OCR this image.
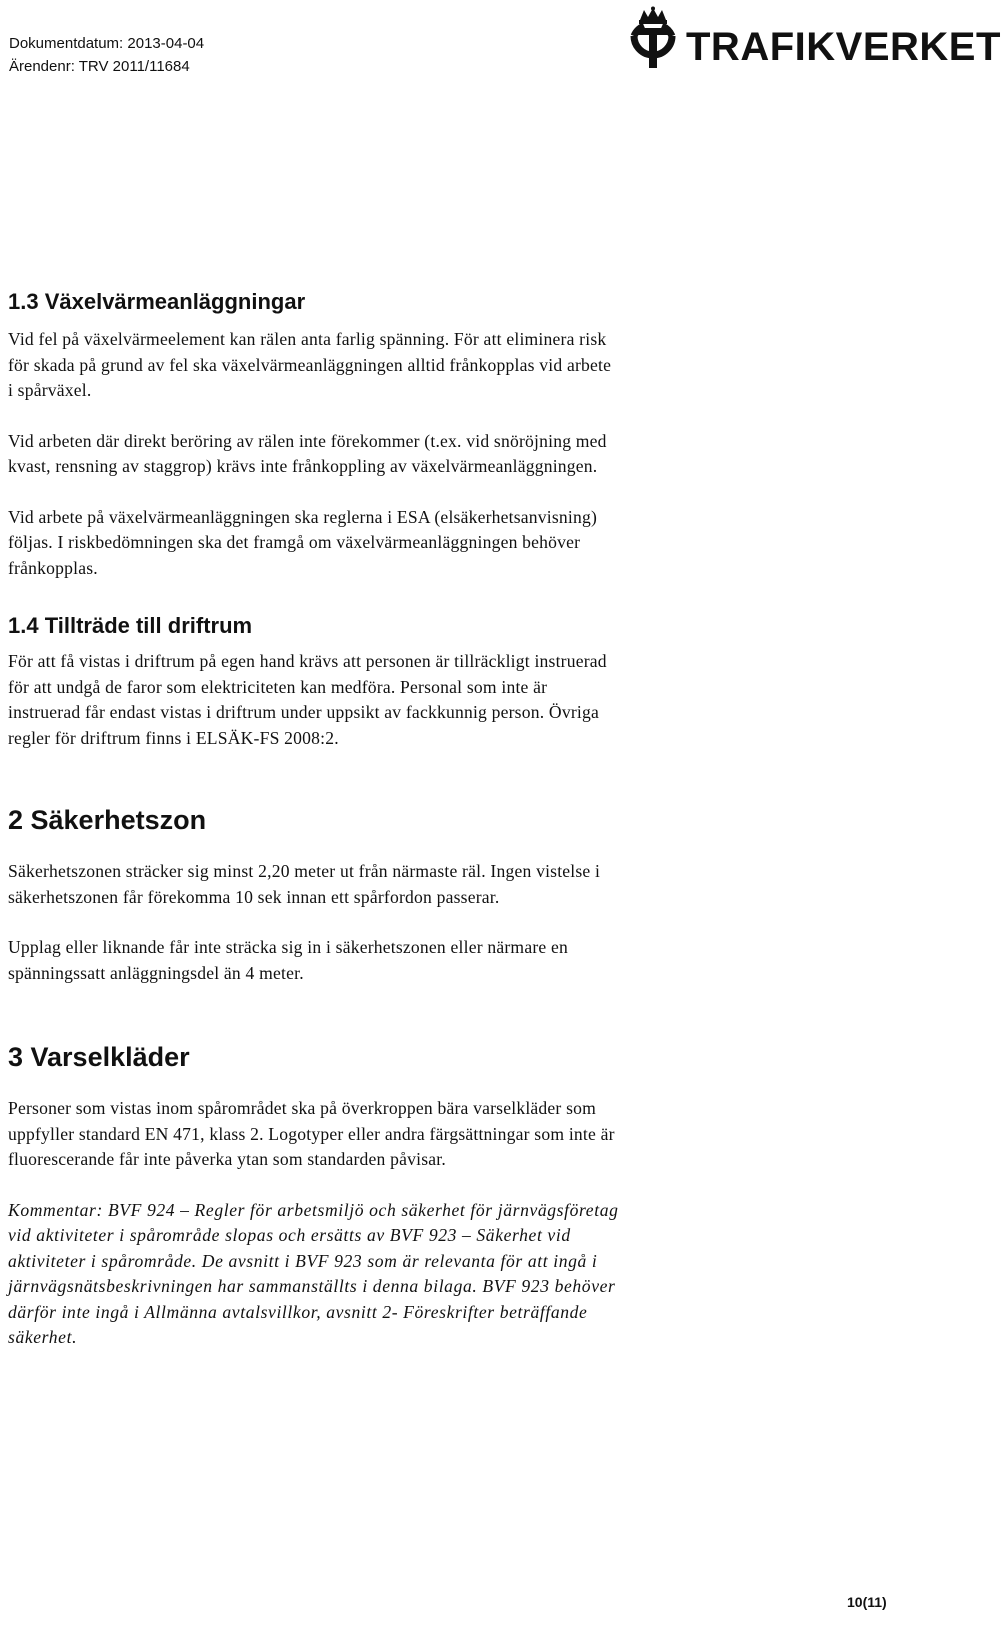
Dokumentdatum: 2013-04-04
Ärendenr: TRV 2011/11684	TRAFIKVERKET
1.3 Växelvärmeanläggningar

Vid fel på växelvärmeelement kan rälen anta farlig spänning. För att eliminera risk
för skada på grund av fel ska växelvärmeanläggningen alltid frånkopplas vid arbete
i spårväxel.

Vid arbeten där direkt beröring av rälen inte förekommer (t.ex. vid snöröjning med
kvast, rensning av staggrop) krävs inte frånkoppling av växelvärmeanläggningen.

Vid arbete på växelvärmeanläggningen ska reglerna i ESA (elsäkerhetsanvisning)
följas. I riskbedömningen ska det framgå om växelvärmeanläggningen behöver
frånkopplas.

1.4 Tillträde till driftrum

För att få vistas i driftrum på egen hand krävs att personen är tillräckligt instruerad
för att undgå de faror som elektriciteten kan medföra. Personal som inte är
instruerad får endast vistas i driftrum under uppsikt av fackkunnig person. Övriga
regler för driftrum finns i ELSÄK-FS 2008:2.

2 Säkerhetszon

Säkerhetszonen sträcker sig minst 2,20 meter ut från närmaste räl. Ingen vistelse i
säkerhetszonen får förekomma 10 sek innan ett spårfordon passerar.

Upplag eller liknande får inte sträcka sig in i säkerhetszonen eller närmare en
spänningssatt anläggningsdel än 4 meter.

3 Varselkläder

Personer som vistas inom spårområdet ska på överkroppen bära varselkläder som
uppfyller standard EN 471, klass 2. Logotyper eller andra färgsättningar som inte är
fluorescerande får inte påverka ytan som standarden påvisar.

Kommentar: BVF 924 – Regler för arbetsmiljö och säkerhet för järnvägsföretag
vid aktiviteter i spårområde slopas och ersätts av BVF 923 – Säkerhet vid
aktiviteter i spårområde. De avsnitt i BVF 923 som är relevanta för att ingå i
järnvägsnätsbeskrivningen har sammanställts i denna bilaga. BVF 923 behöver
därför inte ingå i Allmänna avtalsvillkor, avsnitt 2- Föreskrifter beträffande
säkerhet.

10(11)
